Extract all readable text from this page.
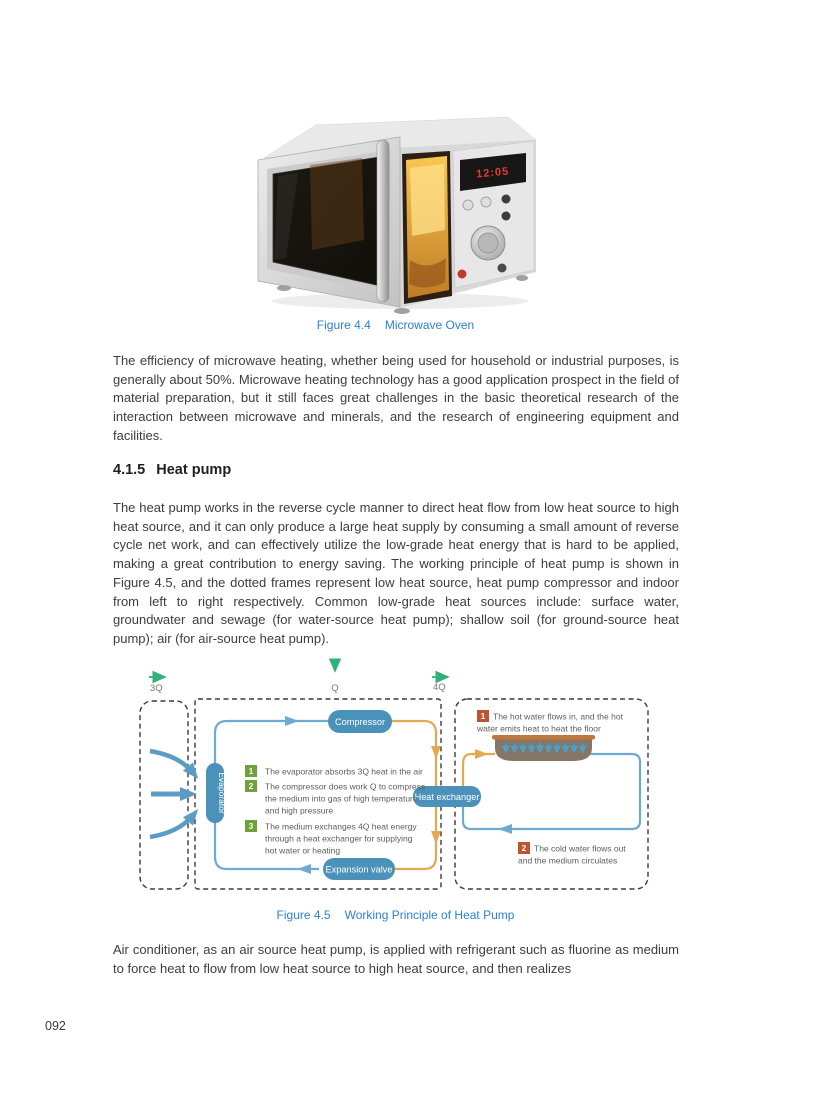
12:05
Figure 4.4 Microwave Oven

The efficiency of microwave heating, whether being used for household or industrial purposes, is generally about 50%. Microwave heating technology has a good application prospect in the field of material preparation, but it still faces great challenges in the basic theoretical research of the interaction between microwave and minerals, and the research of engineering equipment and facilities.

4.1.5 Heat pump

The heat pump works in the reverse cycle manner to direct heat flow from low heat source to high heat source, and it can only produce a large heat supply by consuming a small amount of reverse cycle net work, and can effectively utilize the low-grade heat energy that is hard to be applied, making a great contribution to energy saving. The working principle of heat pump is shown in Figure 4.5, and the dotted frames represent low heat source, heat pump compressor and indoor from left to right respectively. Common low-grade heat sources include: surface water, groundwater and sewage (for water-source heat pump); shallow soil (for ground-source heat pump); air (for air-source heat pump).

3Q	Q	4Q
Compressor
Expansion valve
Heat exchanger
Evaporator
1 The evaporator absorbs 3Q heat in the air
2 The compressor does work Q to compress
the medium into gas of high temperature
and high pressure
3 The medium exchanges 4Q heat energy
through a heat exchanger for supplying
hot water or heating
1 The hot water flows in, and the hot
water emits heat to heat the floor
2 The cold water flows out
and the medium circulates
Figure 4.5 Working Principle of Heat Pump

Air conditioner, as an air source heat pump, is applied with refrigerant such as fluorine as medium to force heat to flow from low heat source to high heat source, and then realizes

092
